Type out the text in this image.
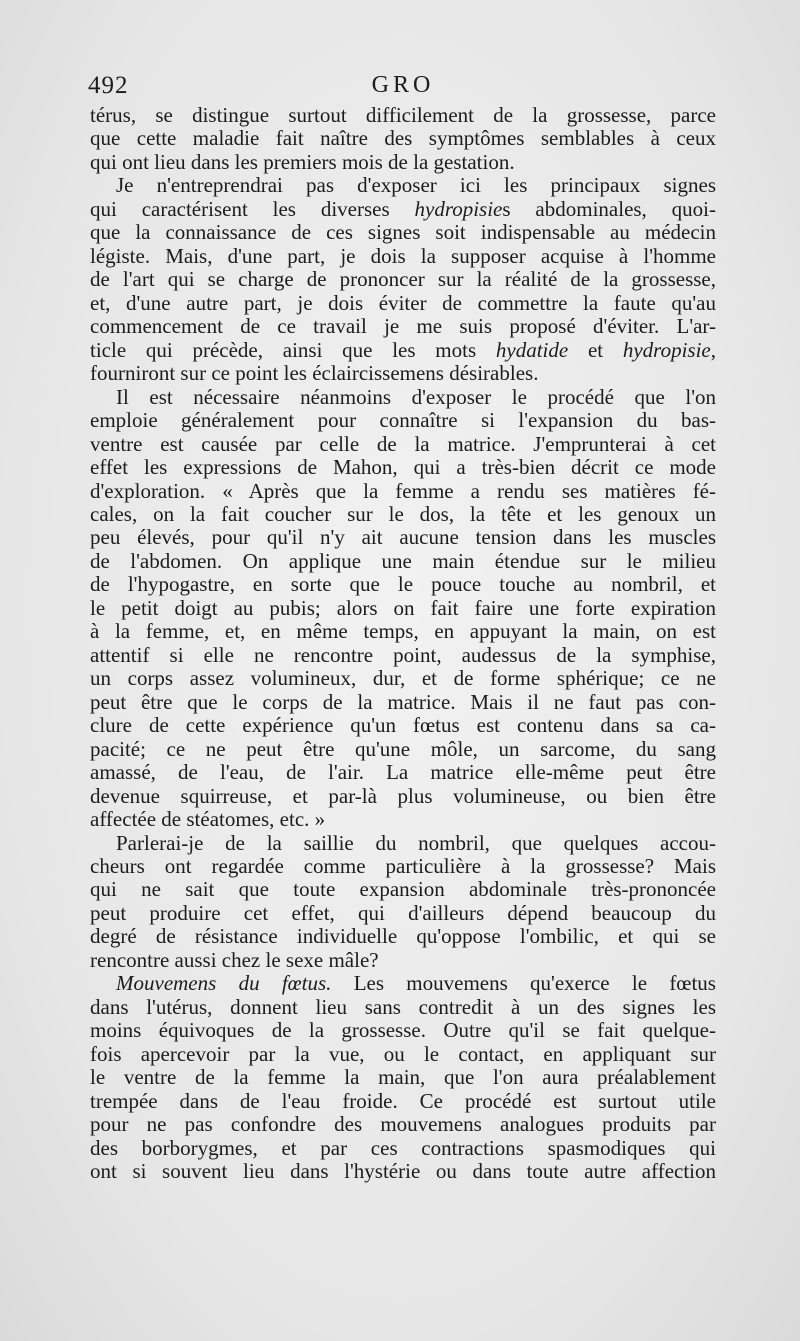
492	GRO
térus, se distingue surtout difficilement de la grossesse, parce
que cette maladie fait naître des symptômes semblables à ceux
qui ont lieu dans les premiers mois de la gestation.
Je n'entreprendrai pas d'exposer ici les principaux signes
qui caractérisent les diverses hydropisies abdominales, quoi-
que la connaissance de ces signes soit indispensable au médecin
légiste. Mais, d'une part, je dois la supposer acquise à l'homme
de l'art qui se charge de prononcer sur la réalité de la grossesse,
et, d'une autre part, je dois éviter de commettre la faute qu'au
commencement de ce travail je me suis proposé d'éviter. L'ar-
ticle qui précède, ainsi que les mots hydatide et hydropisie,
fourniront sur ce point les éclaircissemens désirables.
Il est nécessaire néanmoins d'exposer le procédé que l'on
emploie généralement pour connaître si l'expansion du bas-
ventre est causée par celle de la matrice. J'emprunterai à cet
effet les expressions de Mahon, qui a très-bien décrit ce mode
d'exploration. « Après que la femme a rendu ses matières fé-
cales, on la fait coucher sur le dos, la tête et les genoux un
peu élevés, pour qu'il n'y ait aucune tension dans les muscles
de l'abdomen. On applique une main étendue sur le milieu
de l'hypogastre, en sorte que le pouce touche au nombril, et
le petit doigt au pubis; alors on fait faire une forte expiration
à la femme, et, en même temps, en appuyant la main, on est
attentif si elle ne rencontre point, audessus de la symphise,
un corps assez volumineux, dur, et de forme sphérique; ce ne
peut être que le corps de la matrice. Mais il ne faut pas con-
clure de cette expérience qu'un fœtus est contenu dans sa ca-
pacité; ce ne peut être qu'une môle, un sarcome, du sang
amassé, de l'eau, de l'air. La matrice elle-même peut être
devenue squirreuse, et par-là plus volumineuse, ou bien être
affectée de stéatomes, etc. »
Parlerai-je de la saillie du nombril, que quelques accou-
cheurs ont regardée comme particulière à la grossesse? Mais
qui ne sait que toute expansion abdominale très-prononcée
peut produire cet effet, qui d'ailleurs dépend beaucoup du
degré de résistance individuelle qu'oppose l'ombilic, et qui se
rencontre aussi chez le sexe mâle?
Mouvemens du fœtus. Les mouvemens qu'exerce le fœtus
dans l'utérus, donnent lieu sans contredit à un des signes les
moins équivoques de la grossesse. Outre qu'il se fait quelque-
fois apercevoir par la vue, ou le contact, en appliquant sur
le ventre de la femme la main, que l'on aura préalablement
trempée dans de l'eau froide. Ce procédé est surtout utile
pour ne pas confondre des mouvemens analogues produits par
des borborygmes, et par ces contractions spasmodiques qui
ont si souvent lieu dans l'hystérie ou dans toute autre affection
